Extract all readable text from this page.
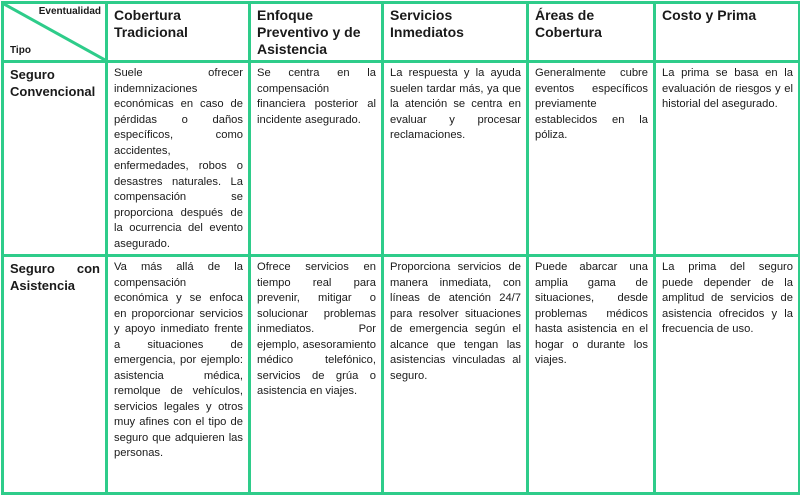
Eventualidad
Tipo	Cobertura Tradicional	Enfoque Preventivo y de Asistencia	Servicios Inmediatos	Áreas de Cobertura	Costo y Prima
Seguro Convencional	Suele ofrecer indemnizaciones económicas en caso de pérdidas o daños específicos, como accidentes, enfermedades, robos o desastres naturales. La compensación se proporciona después de la ocurrencia del evento asegurado.	Se centra en la compensación financiera posterior al incidente asegurado.	La respuesta y la ayuda suelen tardar más, ya que la atención se centra en evaluar y procesar reclamaciones.	Generalmente cubre eventos específicos previamente establecidos en la póliza.	La prima se basa en la evaluación de riesgos y el historial del asegurado.
Seguro con Asistencia	Va más allá de la compensación económica y se enfoca en proporcionar servicios y apoyo inmediato frente a situaciones de emergencia, por ejemplo: asistencia médica, remolque de vehículos, servicios legales y otros muy afines con el tipo de seguro que adquieren las personas.	Ofrece servicios en tiempo real para prevenir, mitigar o solucionar problemas inmediatos. Por ejemplo, asesoramiento médico telefónico, servicios de grúa o asistencia en viajes.	Proporciona servicios de manera inmediata, con líneas de atención 24/7 para resolver situaciones de emergencia según el alcance que tengan las asistencias vinculadas al seguro.	Puede abarcar una amplia gama de situaciones, desde problemas médicos hasta asistencia en el hogar o durante los viajes.	La prima del seguro puede depender de la amplitud de servicios de asistencia ofrecidos y la frecuencia de uso.
